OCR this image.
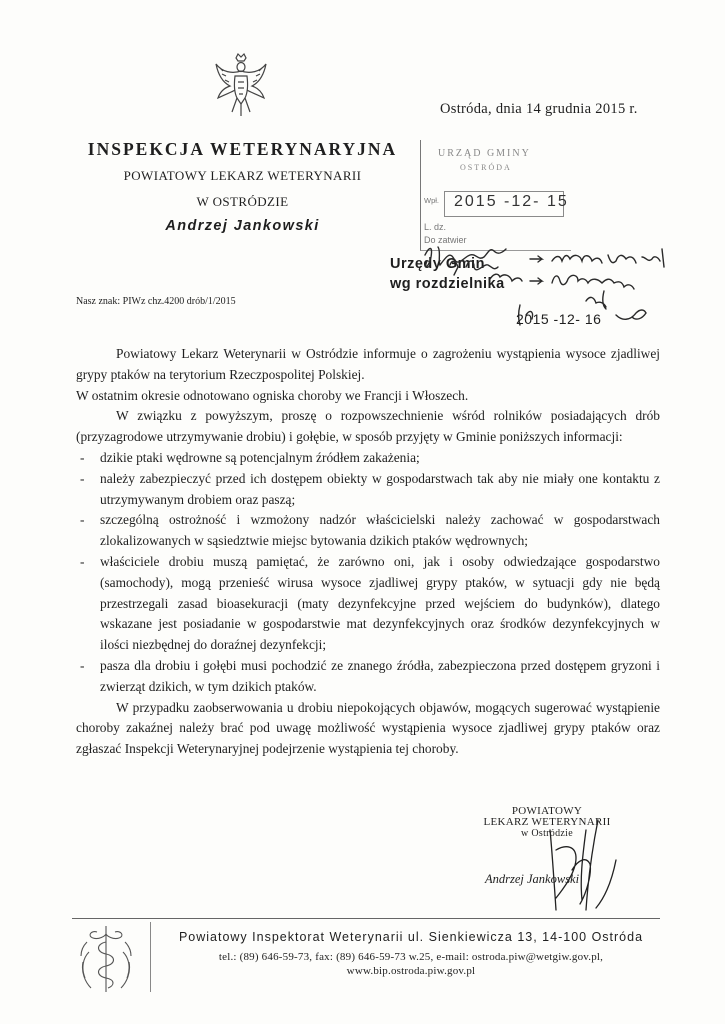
Ostróda, dnia 14 grudnia 2015 r.
INSPEKCJA WETERYNARYJNA
POWIATOWY LEKARZ WETERYNARII
W OSTRÓDZIE
Andrzej Jankowski
Nasz znak: PIWz chz.4200 drób/1/2015
URZĄD GMINY
OSTRÓDA
Wpł. 2015 -12- 15
L. dz.
Do zatwier
Urzędy Gmin
wg rozdzielnika
2015 -12- 16

Powiatowy Lekarz Weterynarii w Ostródzie informuje o zagrożeniu wystąpienia wysoce zjadliwej grypy ptaków na terytorium Rzeczpospolitej Polskiej.

W ostatnim okresie odnotowano ogniska choroby we Francji i Włoszech.

W związku z powyższym, proszę o rozpowszechnienie wśród rolników posiadających drób (przyzagrodowe utrzymywanie drobiu) i gołębie, w sposób przyjęty w Gminie poniższych informacji:

- dzikie ptaki wędrowne są potencjalnym źródłem zakażenia;
- należy zabezpieczyć przed ich dostępem obiekty w gospodarstwach tak aby nie miały one kontaktu z utrzymywanym drobiem oraz paszą;
- szczególną ostrożność i wzmożony nadzór właścicielski należy zachować w gospodarstwach zlokalizowanych w sąsiedztwie miejsc bytowania dzikich ptaków wędrownych;
- właściciele drobiu muszą pamiętać, że zarówno oni, jak i osoby odwiedzające gospodarstwo (samochody), mogą przenieść wirusa wysoce zjadliwej grypy ptaków, w sytuacji gdy nie będą przestrzegali zasad bioasekuracji (maty dezynfekcyjne przed wejściem do budynków), dlatego wskazane jest posiadanie w gospodarstwie mat dezynfekcyjnych oraz środków dezynfekcyjnych w ilości niezbędnej do doraźnej dezynfekcji;
- pasza dla drobiu i gołębi musi pochodzić ze znanego źródła, zabezpieczona przed dostępem gryzoni i zwierząt dzikich, w tym dzikich ptaków.

W przypadku zaobserwowania u drobiu niepokojących objawów, mogących sugerować wystąpienie choroby zakaźnej należy brać pod uwagę możliwość wystąpienia wysoce zjadliwej grypy ptaków oraz zgłaszać Inspekcji Weterynaryjnej podejrzenie wystąpienia tej choroby.

POWIATOWY
LEKARZ WETERYNARII
w Ostródzie
Andrzej Jankowski
Powiatowy Inspektorat Weterynarii ul. Sienkiewicza 13, 14-100 Ostróda
tel.: (89) 646-59-73, fax: (89) 646-59-73 w.25, e-mail: ostroda.piw@wetgiw.gov.pl,
www.bip.ostroda.piw.gov.pl
